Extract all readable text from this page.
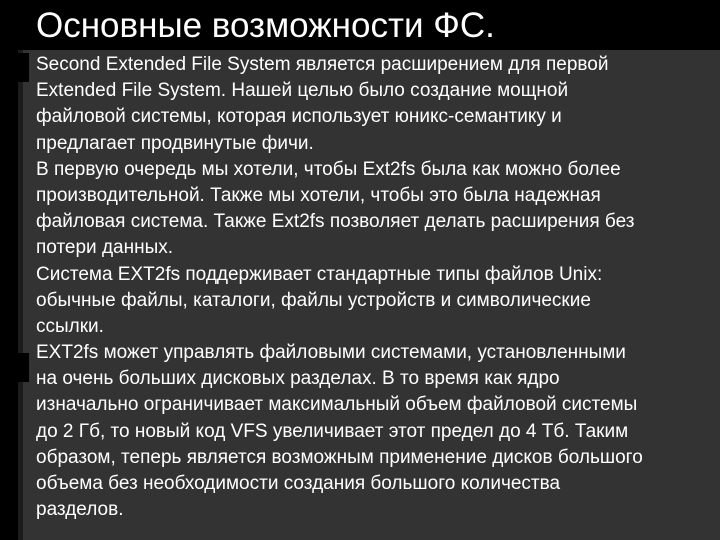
Основные возможности ФС.
Second Extended File System является расширением для первой
Extended File System. Нашей целью было создание мощной
файловой системы, которая использует юникс-семантику и
предлагает продвинутые фичи.
В первую очередь мы хотели, чтобы Ext2fs была как можно более
производительной. Также мы хотели, чтобы это была надежная
файловая система. Также Ext2fs позволяет делать расширения без
потери данных.
Система EXT2fs поддерживает стандартные типы файлов Unix:
обычные файлы, каталоги, файлы устройств и символические
ссылки.
EXT2fs может управлять файловыми системами, установленными
на очень больших дисковых разделах. В то время как ядро
изначально ограничивает максимальный объем файловой системы
до 2 Гб, то новый код VFS увеличивает этот предел до 4 Тб. Таким
образом, теперь является возможным применение дисков большого
объема без необходимости создания большого количества
разделов.
